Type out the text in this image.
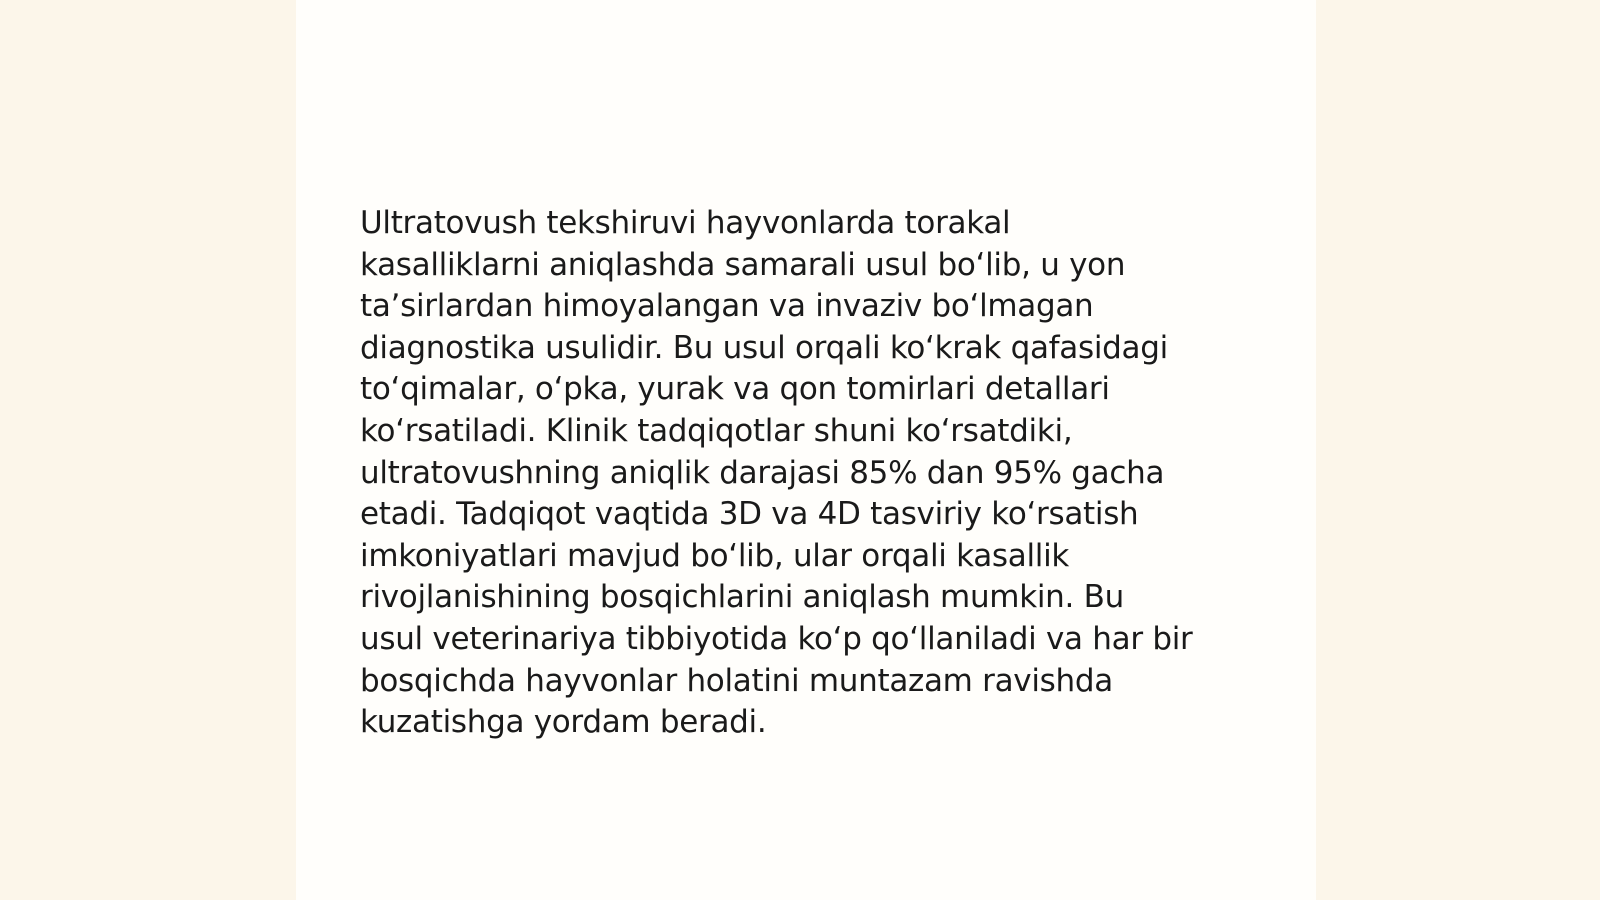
Ultratovush tekshiruvi hayvonlarda torakal
kasalliklarni aniqlashda samarali usul boʻlib, u yon
taʼsirlardan himoyalangan va invaziv boʻlmagan
diagnostika usulidir. Bu usul orqali koʻkrak qafasidagi
toʻqimalar, oʻpka, yurak va qon tomirlari detallari
koʻrsatiladi. Klinik tadqiqotlar shuni koʻrsatdiki,
ultratovushning aniqlik darajasi 85% dan 95% gacha
etadi. Tadqiqot vaqtida 3D va 4D tasviriy koʻrsatish
imkoniyatlari mavjud boʻlib, ular orqali kasallik
rivojlanishining bosqichlarini aniqlash mumkin. Bu
usul veterinariya tibbiyotida koʻp qoʻllaniladi va har bir
bosqichda hayvonlar holatini muntazam ravishda
kuzatishga yordam beradi.
